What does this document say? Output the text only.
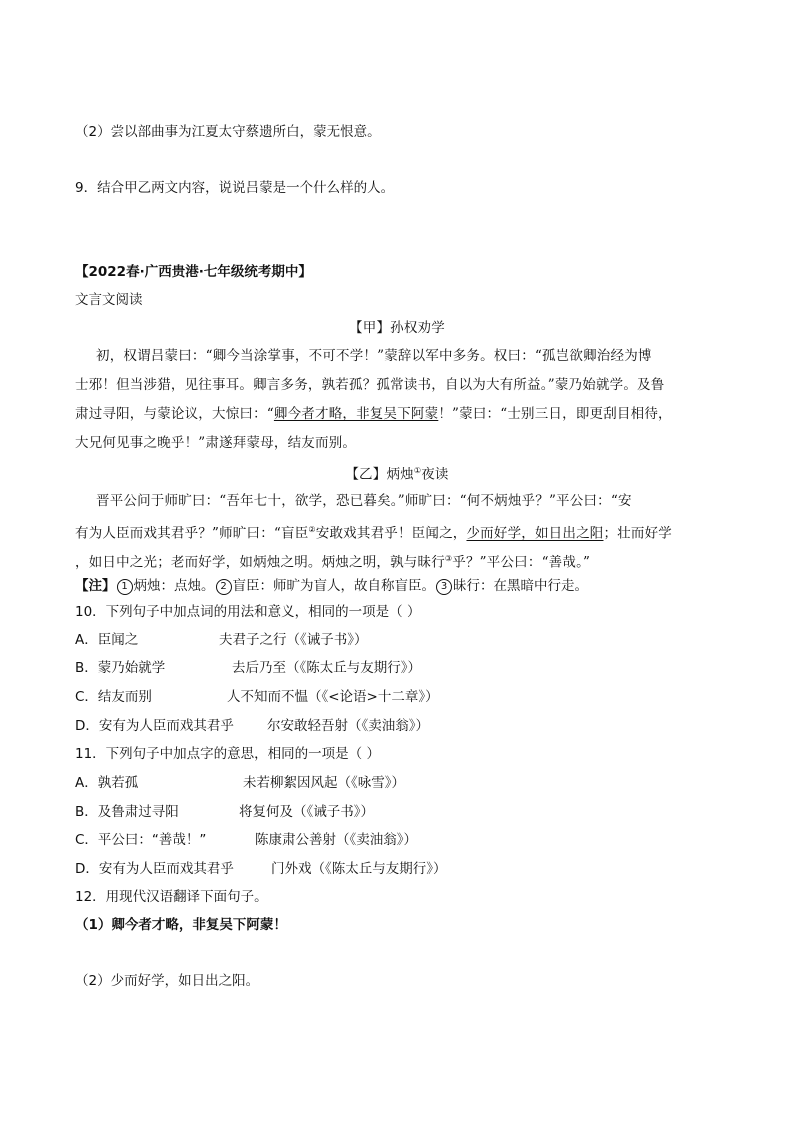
（2）尝以部曲事为江夏太守蔡遗所白，蒙无恨意。
9．结合甲乙两文内容，说说吕蒙是一个什么样的人。
【2022春·广西贵港·七年级统考期中】
文言文阅读
【甲】孙权劝学
初，权谓吕蒙曰：“卿今当涂掌事，不可不学！”蒙辞以军中多务。权曰：“孤岂欲卿治经为博
士邪！但当涉猎，见往事耳。卿言多务，孰若孤？孤常读书，自以为大有所益。”蒙乃始就学。及鲁
肃过寻阳，与蒙论议，大惊曰：“卿今者才略，非复吴下阿蒙！”蒙曰：“士别三日，即更刮目相待，
大兄何见事之晚乎！”肃遂拜蒙母，结友而别。
【乙】炳烛①夜读
晋平公问于师旷曰：“吾年七十，欲学，恐已暮矣。”师旷曰：“何不炳烛乎？”平公曰：“安
有为人臣而戏其君乎？”师旷曰：“盲臣②安敢戏其君乎！臣闻之，少而好学，如日出之阳；壮而好学
，如日中之光；老而好学，如炳烛之明。炳烛之明，孰与昧行③乎？”平公曰：“善哉。”
【注】 1 炳烛：点烛。 2 盲臣：师旷为盲人，故自称盲臣。 3 昧行：在黑暗中行走。
10．下列句子中加点词的用法和意义，相同的一项是（ ）
A．臣闻之	夫君子之行（《诫子书》）
B．蒙乃始就学	去后乃至（《陈太丘与友期行》）
C．结友而别	人不知而不愠（《<论语>十二章》）
D．安有为人臣而戏其君乎 尔安敢轻吾射（《卖油翁》）
11．下列句子中加点字的意思，相同的一项是（ ）
A．孰若孤	未若柳絮因风起（《咏雪》）
B．及鲁肃过寻阳	将复何及（《诫子书》）
C．平公曰：“善哉！”	陈康肃公善射（《卖油翁》）
D．安有为人臣而戏其君乎	门外戏（《陈太丘与友期行》）
12．用现代汉语翻译下面句子。
（1）卿今者才略，非复吴下阿蒙！
（2）少而好学，如日出之阳。
